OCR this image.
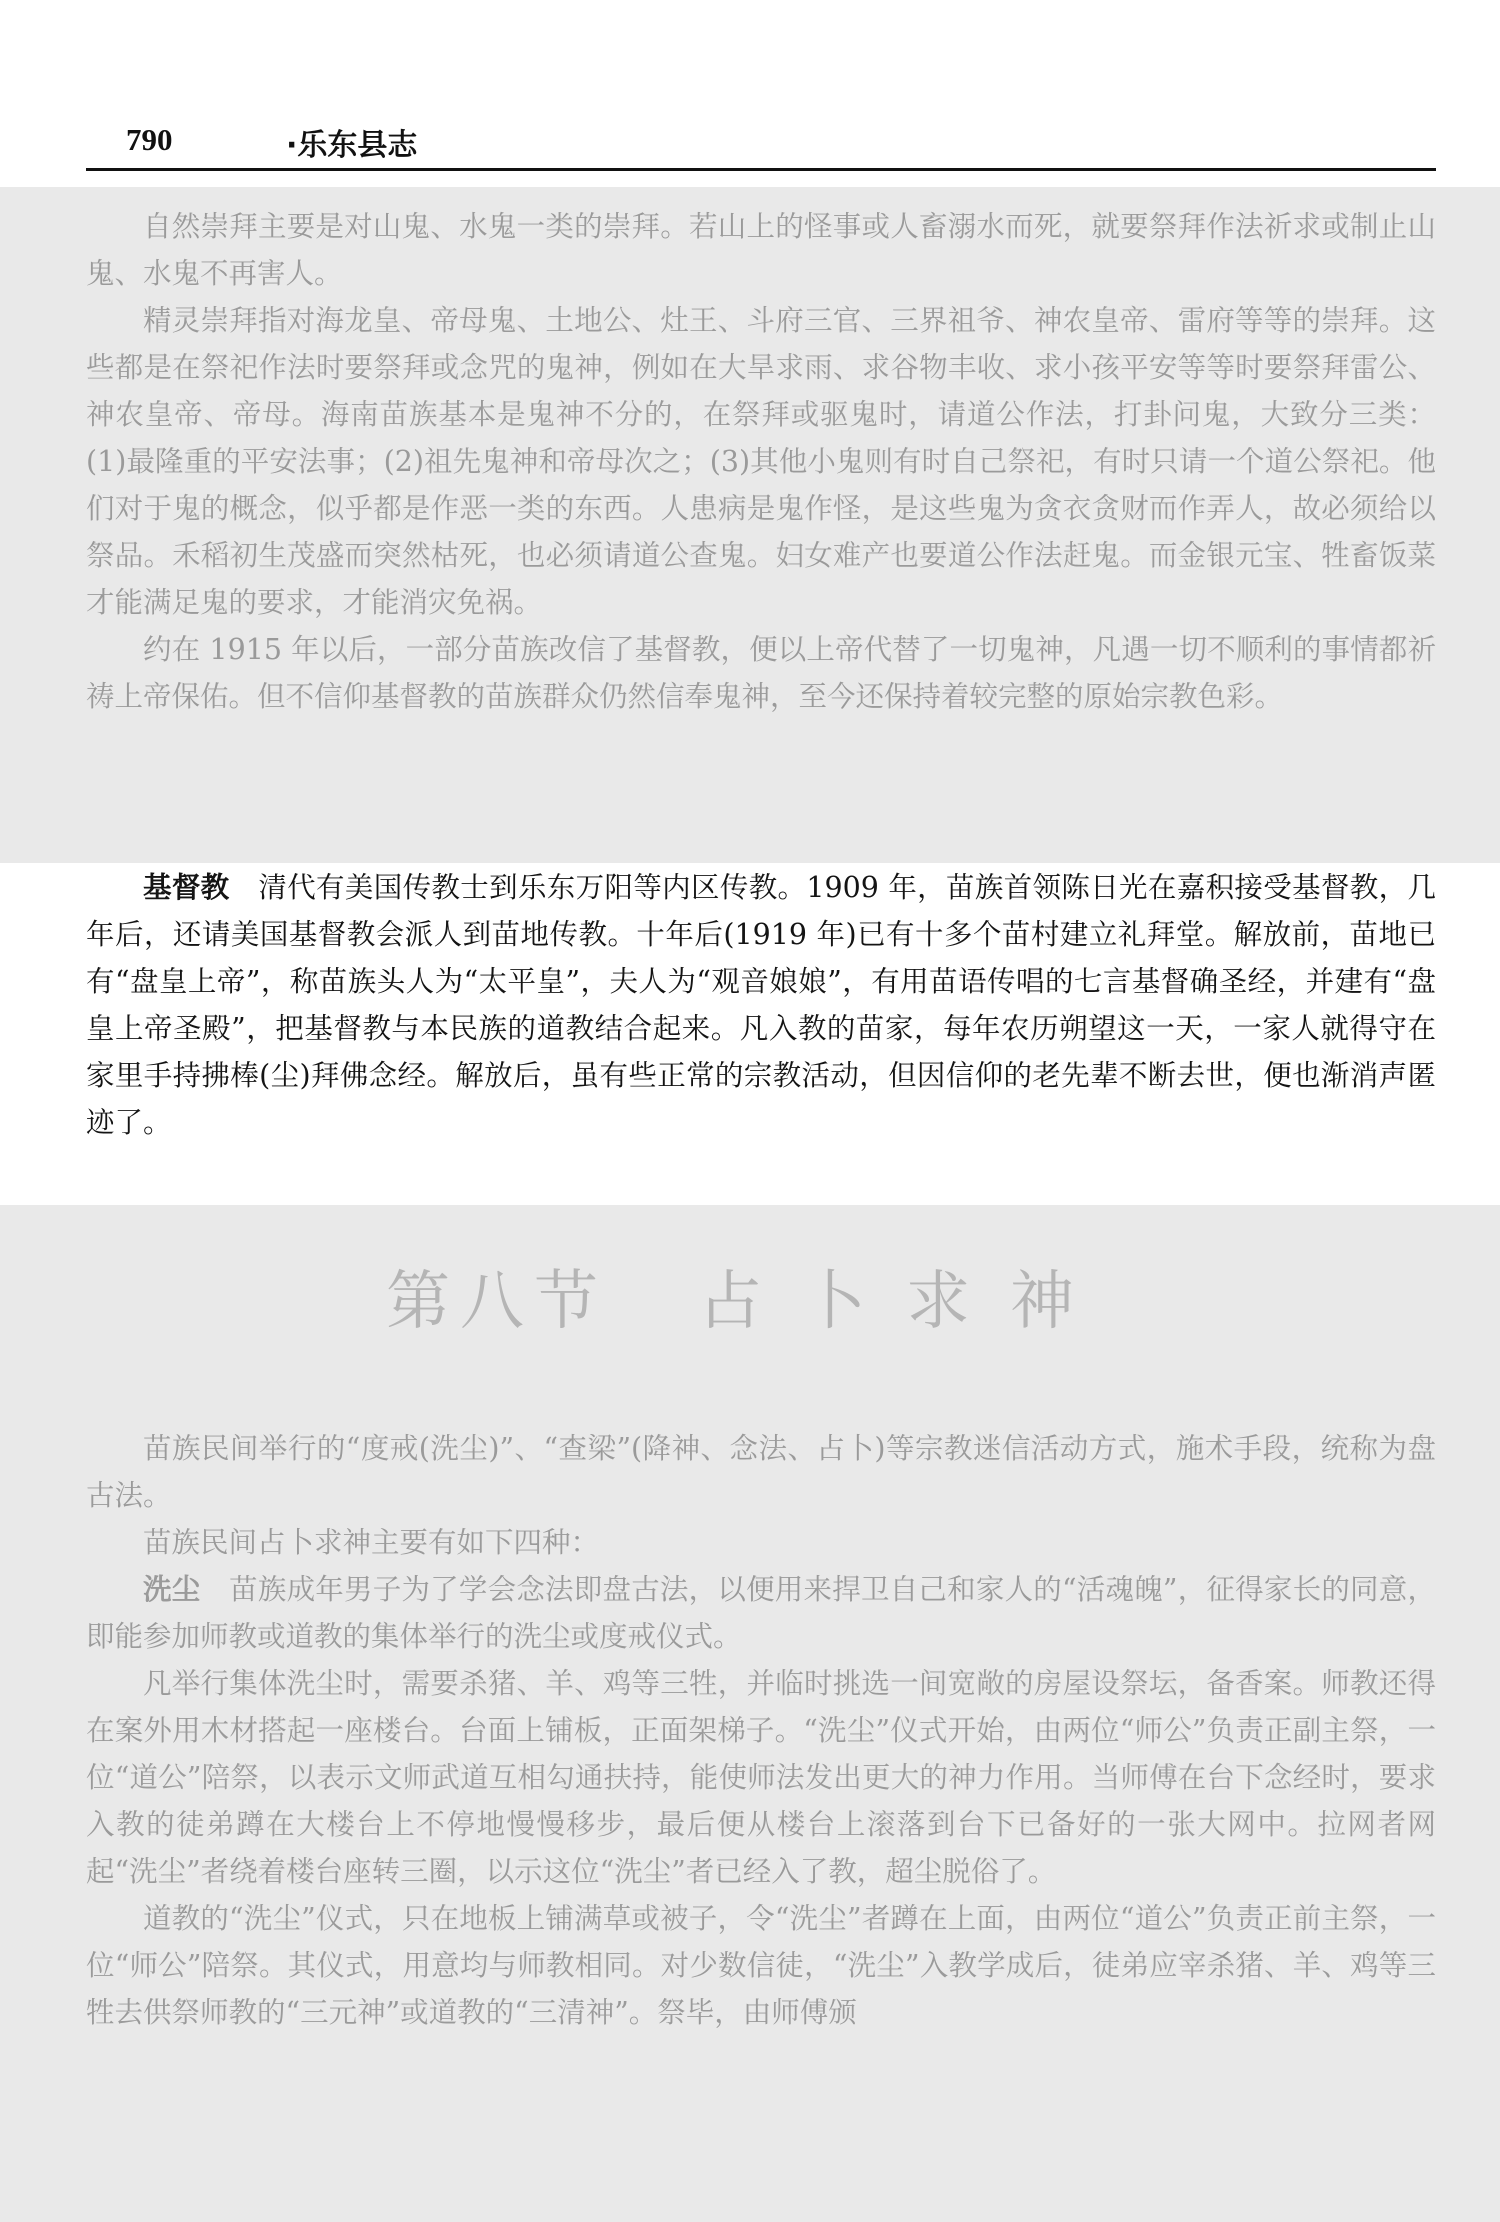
790	·乐东县志

自然崇拜主要是对山鬼、水鬼一类的崇拜。若山上的怪事或人畜溺水而死，就要祭拜作法祈求或制止山鬼、水鬼不再害人。

精灵崇拜指对海龙皇、帝母鬼、土地公、灶王、斗府三官、三界祖爷、神农皇帝、雷府等等的崇拜。这些都是在祭祀作法时要祭拜或念咒的鬼神，例如在大旱求雨、求谷物丰收、求小孩平安等等时要祭拜雷公、神农皇帝、帝母。海南苗族基本是鬼神不分的，在祭拜或驱鬼时，请道公作法，打卦问鬼，大致分三类：(1)最隆重的平安法事；(2)祖先鬼神和帝母次之；(3)其他小鬼则有时自己祭祀，有时只请一个道公祭祀。他们对于鬼的概念，似乎都是作恶一类的东西。人患病是鬼作怪，是这些鬼为贪衣贪财而作弄人，故必须给以祭品。禾稻初生茂盛而突然枯死，也必须请道公查鬼。妇女难产也要道公作法赶鬼。而金银元宝、牲畜饭菜才能满足鬼的要求，才能消灾免祸。

约在 1915 年以后，一部分苗族改信了基督教，便以上帝代替了一切鬼神，凡遇一切不顺利的事情都祈祷上帝保佑。但不信仰基督教的苗族群众仍然信奉鬼神，至今还保持着较完整的原始宗教色彩。

基督教 清代有美国传教士到乐东万阳等内区传教。1909 年，苗族首领陈日光在嘉积接受基督教，几年后，还请美国基督教会派人到苗地传教。十年后(1919 年)已有十多个苗村建立礼拜堂。解放前，苗地已有“盘皇上帝”，称苗族头人为“太平皇”，夫人为“观音娘娘”，有用苗语传唱的七言基督确圣经，并建有“盘皇上帝圣殿”，把基督教与本民族的道教结合起来。凡入教的苗家，每年农历朔望这一天，一家人就得守在家里手持拂棒(尘)拜佛念经。解放后，虽有些正常的宗教活动，但因信仰的老先辈不断去世，便也渐消声匿迹了。

第八节 占卜求神

苗族民间举行的“度戒(洗尘)”、“查梁”(降神、念法、占卜)等宗教迷信活动方式，施术手段，统称为盘古法。

苗族民间占卜求神主要有如下四种：

洗尘 苗族成年男子为了学会念法即盘古法，以便用来捍卫自己和家人的“活魂魄”，征得家长的同意，即能参加师教或道教的集体举行的洗尘或度戒仪式。

凡举行集体洗尘时，需要杀猪、羊、鸡等三牲，并临时挑选一间宽敞的房屋设祭坛，备香案。师教还得在案外用木材搭起一座楼台。台面上铺板，正面架梯子。“洗尘”仪式开始，由两位“师公”负责正副主祭，一位“道公”陪祭，以表示文师武道互相勾通扶持，能使师法发出更大的神力作用。当师傅在台下念经时，要求入教的徒弟蹲在大楼台上不停地慢慢移步，最后便从楼台上滚落到台下已备好的一张大网中。拉网者网起“洗尘”者绕着楼台座转三圈，以示这位“洗尘”者已经入了教，超尘脱俗了。

道教的“洗尘”仪式，只在地板上铺满草或被子，令“洗尘”者蹲在上面，由两位“道公”负责正前主祭，一位“师公”陪祭。其仪式，用意均与师教相同。对少数信徒，“洗尘”入教学成后，徒弟应宰杀猪、羊、鸡等三牲去供祭师教的“三元神”或道教的“三清神”。祭毕，由师傅颁
